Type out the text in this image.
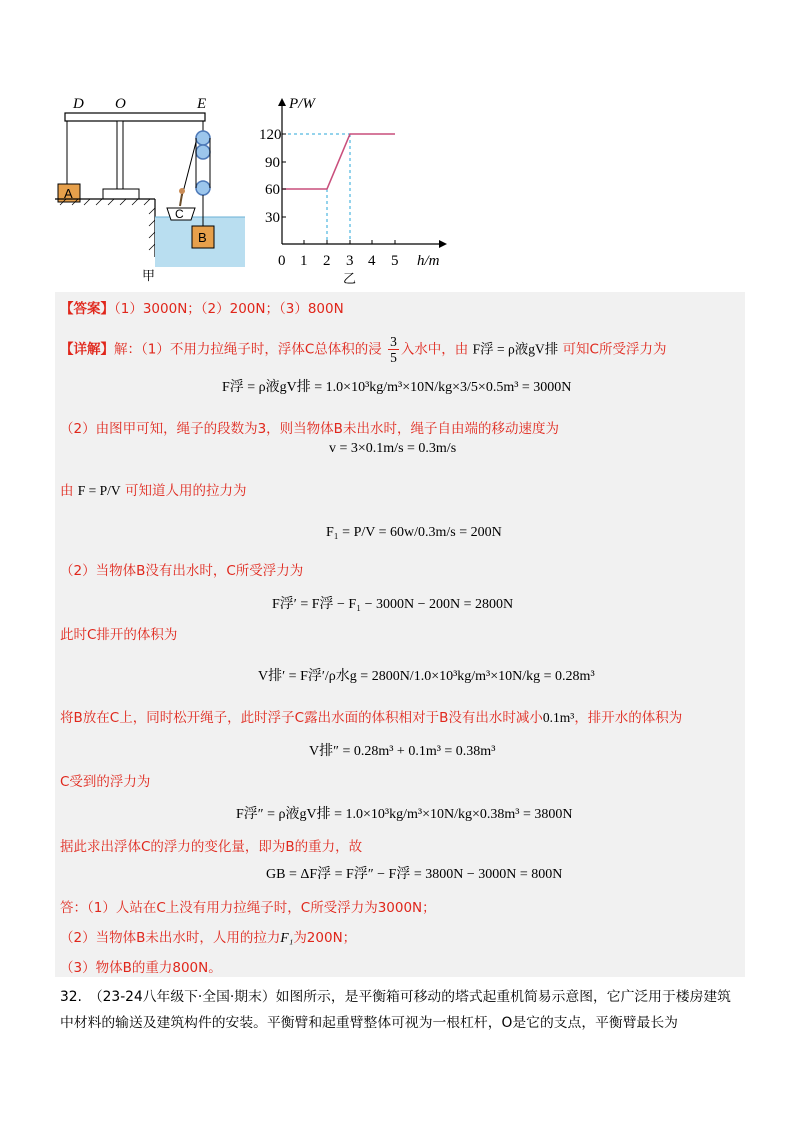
D O	E
A
C
B
甲
P/W
h/m
120
90
60
30
0 1 2 3 4 5
乙
【答案】（1）3000N；（2）200N；（3）800N
【详解】解：（1）不用力拉绳子时，浮体C总体积的浸 $\frac{3}{5}$ 入水中，由 F浮 = ρ液gV排 可知C所受浮力为
F浮 = ρ液gV排 = 1.0×10³kg/m³×10N/kg×3/5×0.5m³ = 3000N
（2）由图甲可知，绳子的段数为3，则当物体B未出水时，绳子自由端的移动速度为
v = 3×0.1m/s = 0.3m/s
由 F = P/V 可知道人用的拉力为
F₁ = P/V = 60w/0.3m/s = 200N
（2）当物体B没有出水时，C所受浮力为
F浮′ = F浮 − F₁ − 3000N − 200N = 2800N
此时C排开的体积为
V排′ = F浮′/ρ水g = 2800N/1.0×10³kg/m³×10N/kg = 0.28m³
将B放在C上，同时松开绳子，此时浮子C露出水面的体积相对于B没有出水时减小0.1m³，排开水的体积为
V排″ = 0.28m³ + 0.1m³ = 0.38m³
C受到的浮力为
F浮″ = ρ液gV排 = 1.0×10³kg/m³×10N/kg×0.38m³ = 3800N
据此求出浮体C的浮力的变化量，即为B的重力，故
GB = ΔF浮 = F浮″ − F浮 = 3800N − 3000N = 800N
答：（1）人站在C上没有用力拉绳子时，C所受浮力为3000N；
（2）当物体B未出水时，人用的拉力F₁为200N；
（3）物体B的重力800N。
32.　（23-24八年级下·全国·期末）如图所示，是平衡箱可移动的塔式起重机简易示意图，它广泛用于楼房建筑
中材料的输送及建筑构件的安装。平衡臂和起重臂整体可视为一根杠杆，O是它的支点，平衡臂最长为
